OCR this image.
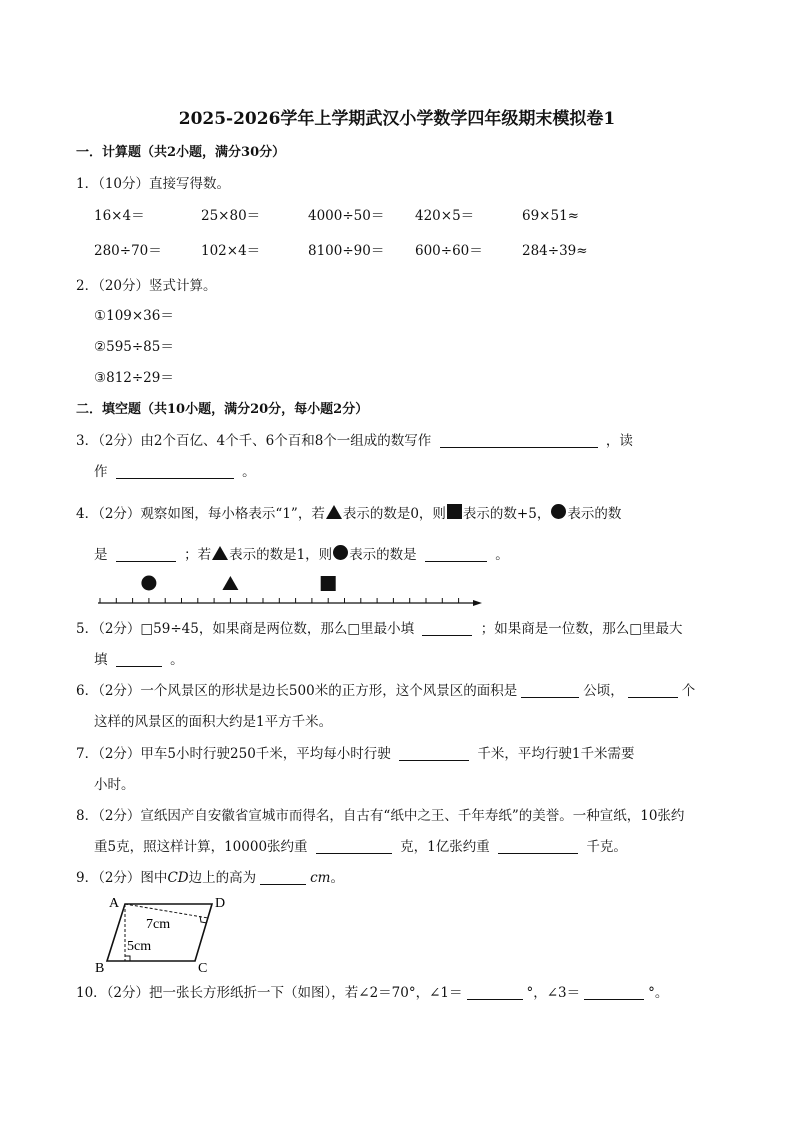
2025-2026学年上学期武汉小学数学四年级期末模拟卷1
一．计算题（共2小题，满分30分）
1．（10分）直接写得数。
16×4＝	25×80＝	4000÷50＝ 420×5＝	69×51≈
280÷70＝	102×4＝	8100÷90＝ 600÷60＝	284÷39≈
2．（20分）竖式计算。
①109×36＝
②595÷85＝
③812÷29＝
二．填空题（共10小题，满分20分，每小题2分）
3．（2分）由2个百亿、4个千、6个百和8个一组成的数写作	，读
作	。
4．（2分）观察如图，每小格表示“1”，若 表示的数是0，则 表示的数+5， 表示的数
是	；若 表示的数是1，则 表示的数是	。
5．（2分）□59÷45，如果商是两位数，那么□里最小填	；如果商是一位数，那么□里最大
填	。
6．（2分）一个风景区的形状是边长500米的正方形，这个风景区的面积是	公顷，	个
这样的风景区的面积大约是1平方千米。
7．（2分）甲车5小时行驶250千米，平均每小时行驶	千米，平均行驶1千米需要
小时。
8．（2分）宣纸因产自安徽省宣城市而得名，自古有“纸中之王、千年寿纸”的美誉。一种宣纸，10张约
重5克，照这样计算，10000张约重	克，1亿张约重	千克。
9．（2分）图中CD边上的高为	cm。
A	D
B	C
7cm
5cm
10．（2分）把一张长方形纸折一下（如图），若∠2＝70°，∠1＝	°，∠3＝	°。
